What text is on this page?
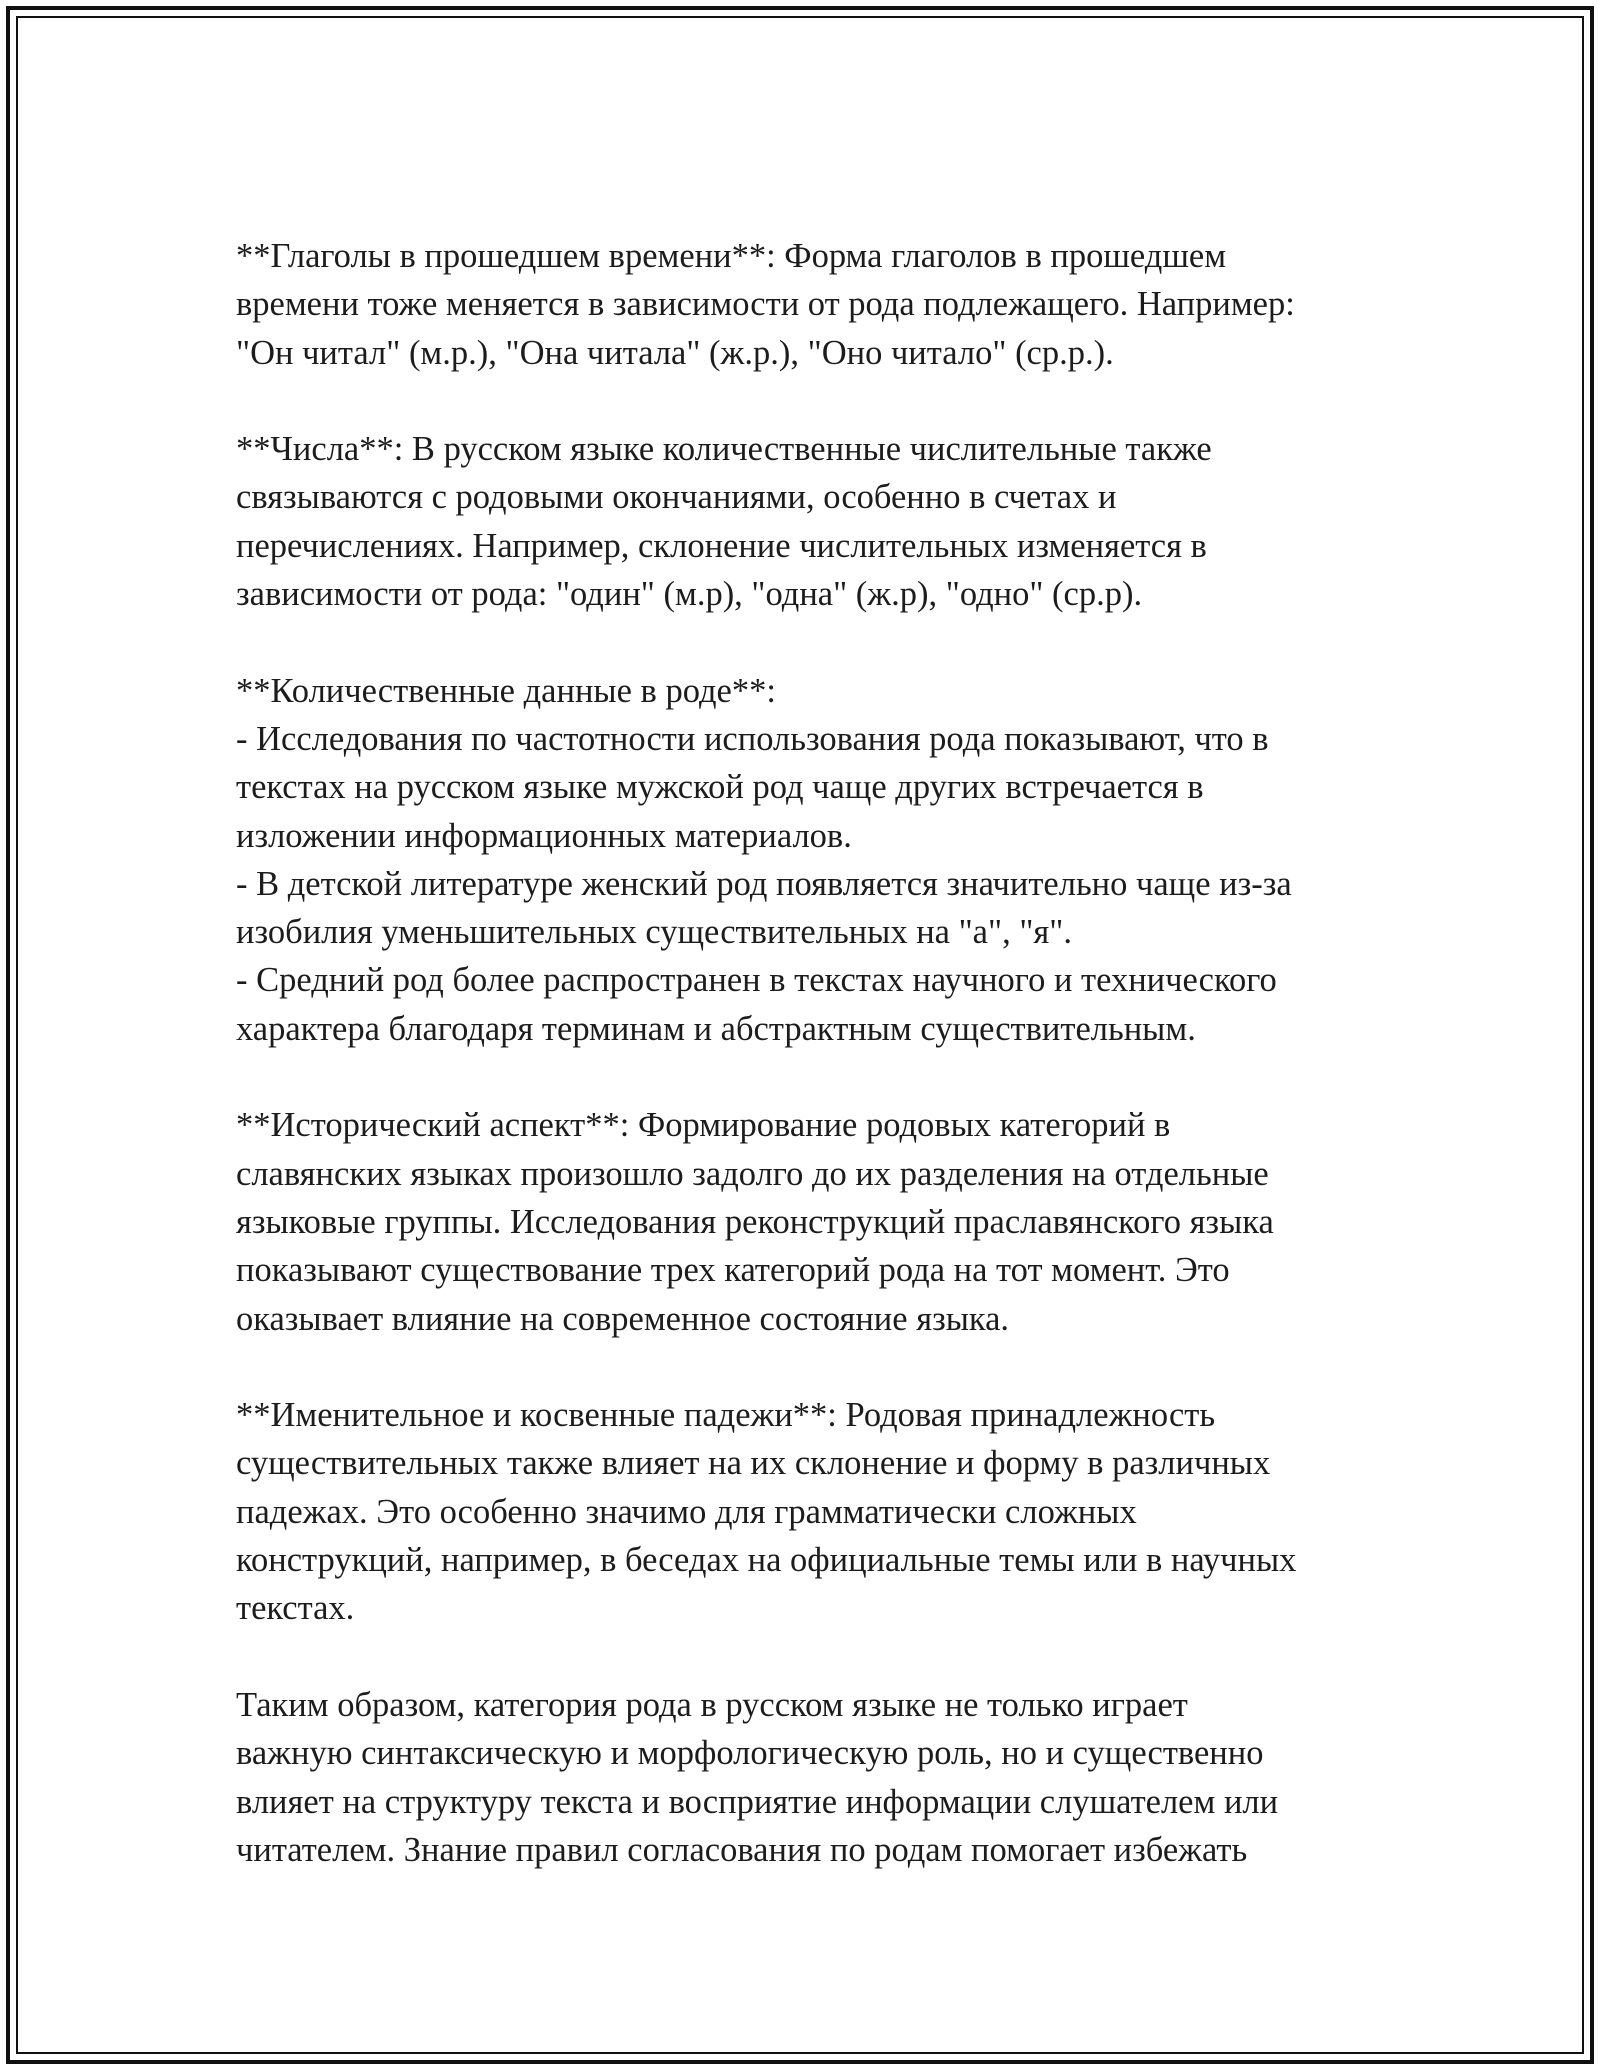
**Глаголы в прошедшем времени**: Форма глаголов в прошедшем
времени тоже меняется в зависимости от рода подлежащего. Например:
"Он читал" (м.р.), "Она читала" (ж.р.), "Оно читало" (ср.р.).

**Числа**: В русском языке количественные числительные также
связываются с родовыми окончаниями, особенно в счетах и
перечислениях. Например, склонение числительных изменяется в
зависимости от рода: "один" (м.р), "одна" (ж.р), "одно" (ср.р).

**Количественные данные в роде**:
- Исследования по частотности использования рода показывают, что в
текстах на русском языке мужской род чаще других встречается в
изложении информационных материалов.
- В детской литературе женский род появляется значительно чаще из-за
изобилия уменьшительных существительных на "а", "я".
- Средний род более распространен в текстах научного и технического
характера благодаря терминам и абстрактным существительным.

**Исторический аспект**: Формирование родовых категорий в
славянских языках произошло задолго до их разделения на отдельные
языковые группы. Исследования реконструкций праславянского языка
показывают существование трех категорий рода на тот момент. Это
оказывает влияние на современное состояние языка.

**Именительное и косвенные падежи**: Родовая принадлежность
существительных также влияет на их склонение и форму в различных
падежах. Это особенно значимо для грамматически сложных
конструкций, например, в беседах на официальные темы или в научных
текстах.

Таким образом, категория рода в русском языке не только играет
важную синтаксическую и морфологическую роль, но и существенно
влияет на структуру текста и восприятие информации слушателем или
читателем. Знание правил согласования по родам помогает избежать
